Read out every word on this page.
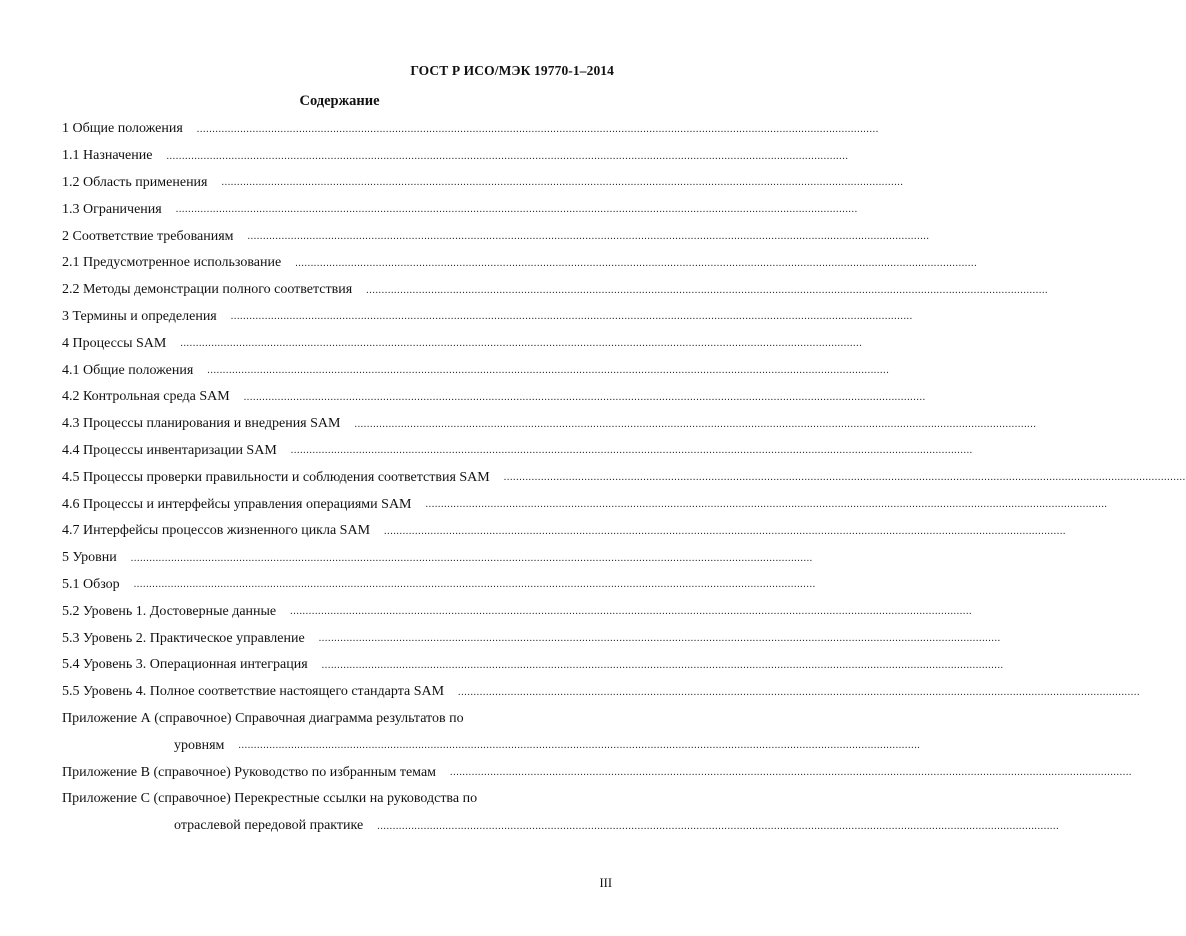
ГОСТ Р ИСО/МЭК 19770-1–2014
Содержание
1 Общие положения ............................................................................................................................................................................................................................
1.1 Назначение ............................................................................................................................................................................................................................
1.2 Область применения ............................................................................................................................................................................................................................
1.3 Ограничения ............................................................................................................................................................................................................................
2 Соответствие требованиям ............................................................................................................................................................................................................................
2.1 Предусмотренное использование ............................................................................................................................................................................................................................
2.2 Методы демонстрации полного соответствия ............................................................................................................................................................................................................................
3 Термины и определения ............................................................................................................................................................................................................................
4 Процессы SAM ............................................................................................................................................................................................................................
4.1 Общие положения ............................................................................................................................................................................................................................
4.2 Контрольная среда SAM ............................................................................................................................................................................................................................
4.3 Процессы планирования и внедрения SAM ............................................................................................................................................................................................................................
4.4 Процессы инвентаризации SAM ............................................................................................................................................................................................................................
4.5 Процессы проверки правильности и соблюдения соответствия SAM ............................................................................................................................................................................................................................
4.6 Процессы и интерфейсы управления операциями SAM ............................................................................................................................................................................................................................
4.7 Интерфейсы процессов жизненного цикла SAM ............................................................................................................................................................................................................................
5 Уровни ............................................................................................................................................................................................................................
5.1 Обзор ............................................................................................................................................................................................................................
5.2 Уровень 1. Достоверные данные ............................................................................................................................................................................................................................
5.3 Уровень 2. Практическое управление ............................................................................................................................................................................................................................
5.4 Уровень 3. Операционная интеграция ............................................................................................................................................................................................................................
5.5 Уровень 4. Полное соответствие настоящего стандарта SAM ............................................................................................................................................................................................................................
Приложение А (справочное) Справочная диаграмма результатов по
уровням ............................................................................................................................................................................................................................
Приложение В (справочное) Руководство по избранным темам ............................................................................................................................................................................................................................
Приложение С (справочное) Перекрестные ссылки на руководства по
отраслевой передовой практике ............................................................................................................................................................................................................................
III
